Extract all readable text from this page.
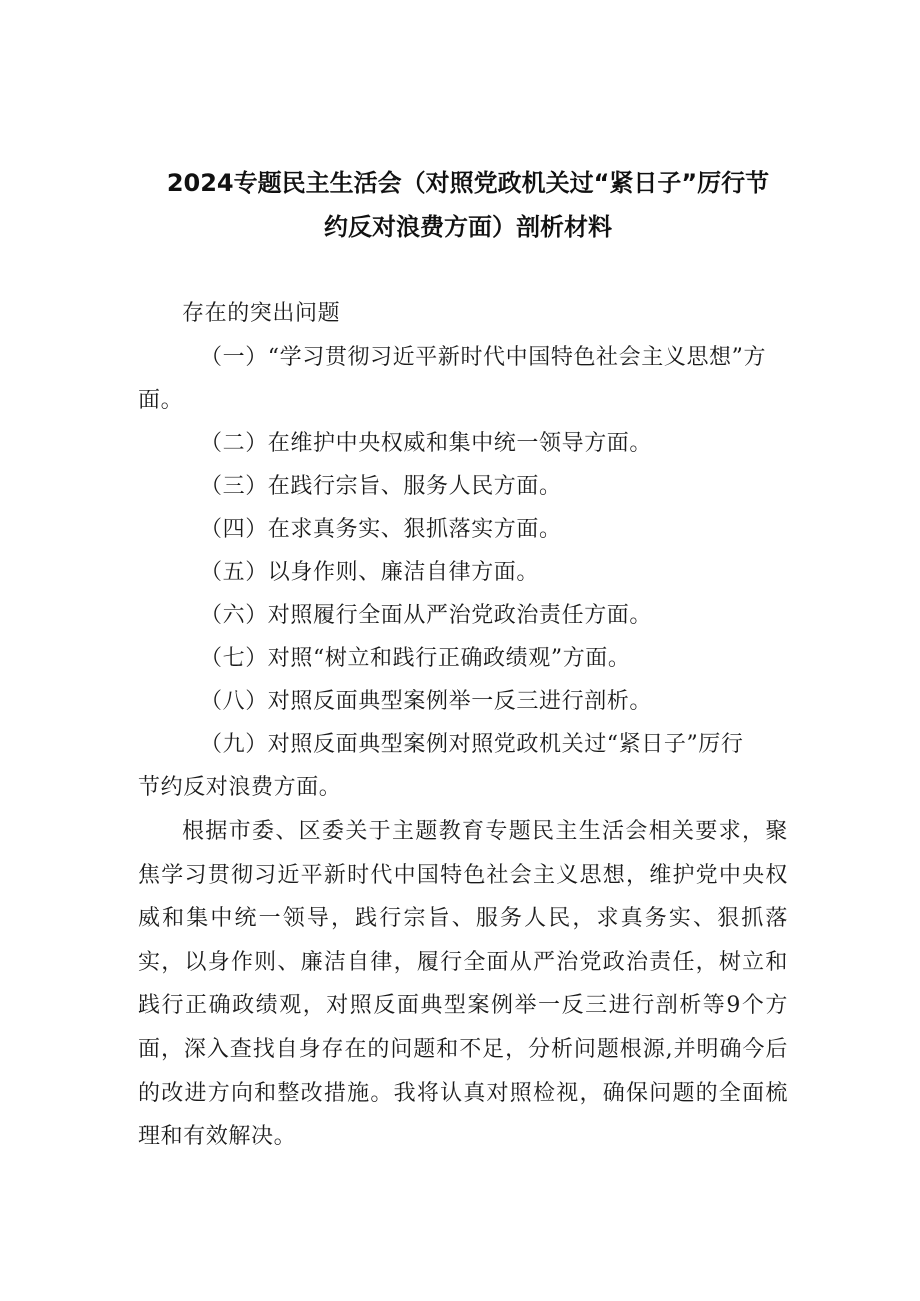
2024专题民主生活会（对照党政机关过“紧日子”厉行节
约反对浪费方面）剖析材料
存在的突出问题
（一）“学习贯彻习近平新时代中国特色社会主义思想”方
面。
（二）在维护中央权威和集中统一领导方面。
（三）在践行宗旨、服务人民方面。
（四）在求真务实、狠抓落实方面。
（五）以身作则、廉洁自律方面。
（六）对照履行全面从严治党政治责任方面。
（七）对照“树立和践行正确政绩观”方面。
（八）对照反面典型案例举一反三进行剖析。
（九）对照反面典型案例对照党政机关过“紧日子”厉行
节约反对浪费方面。
根据市委、区委关于主题教育专题民主生活会相关要求，聚焦学习贯彻习近平新时代中国特色社会主义思想，维护党中央权威和集中统一领导，践行宗旨、服务人民，求真务实、狠抓落实，以身作则、廉洁自律，履行全面从严治党政治责任，树立和践行正确政绩观，对照反面典型案例举一反三进行剖析等9个方面，深入查找自身存在的问题和不足，分析问题根源,并明确今后的改进方向和整改措施。我将认真对照检视，确保问题的全面梳理和有效解决。
